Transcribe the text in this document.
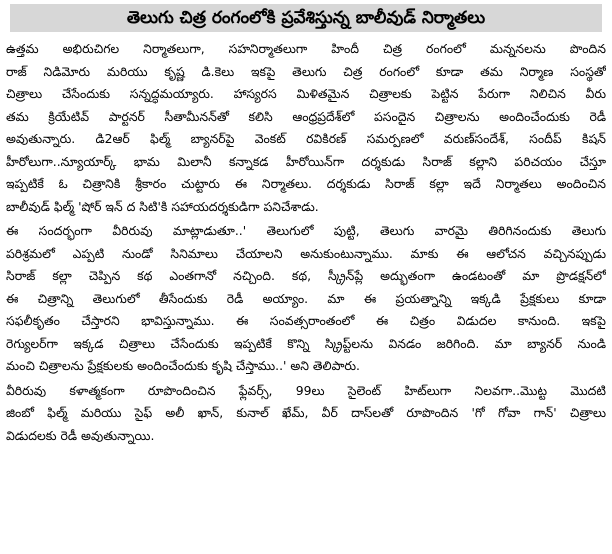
తెలుగు చిత్ర రంగంలోకి ప్రవేశిస్తున్న బాలీవుడ్ నిర్మాతలు
ఉత్తమ అభిరుచిగల నిర్మాతలుగా, సహనిర్మాతలుగా హిందీ చిత్ర రంగంలో మన్ననలను పొందిన
రాజ్ నిడిమోరు మరియు కృష్ణ డి.కెలు ఇకపై తెలుగు చిత్ర రంగంలో కూడా తమ నిర్మాణ సంస్థతో
చిత్రాలు చేసేందుకు సన్నద్ధమయ్యారు. హాస్యరస మిళితమైన చిత్రాలకు పెట్టిన పేరుగా నిలిచిన వీరు
తమ క్రియేటివ్ పార్టనర్ సీతామీనన్‌తో కలిసి ఆంధ్రప్రదేశ్‌లో పసందైన చిత్రాలను అందించేందుకు రెడీ
అవుతున్నారు. డి2ఆర్ ఫిల్మ్ బ్యానర్‌పై వెంకట్ రవికిరణ్ సమర్పణలో వరుణ్‌సందేశ్, సందీప్ కిషన్
హీరోలుగా..న్యూయార్క్ భామ మిలానీ కన్నాకడ హీరోయిన్‌గా దర్శకుడు సిరాజ్ కల్లాని పరిచయం చేస్తూ
ఇప్పటికే ఓ చిత్రానికి శ్రీకారం చుట్టారు ఈ నిర్మాతలు. దర్శకుడు సిరాజ్ కల్లా ఇదే నిర్మాతలు అందించిన
బాలీవుడ్ ఫిల్మ్ 'షోర్ ఇన్ ద సిటి'కి సహాయదర్శకుడిగా పనిచేశాడు.
ఈ సందర్భంగా వీరిరువు మాట్లాడుతూ..' తెలుగులో పుట్టి, తెలుగు వారమై తిరిగినందుకు తెలుగు
పరిశ్రమలో ఎప్పటి నుండో సినిమాలు చేయాలని అనుకుంటున్నాము. మాకు ఈ ఆలోచన వచ్చినప్పుడు
సిరాజ్ కల్లా చెప్పిన కథ ఎంతగానో నచ్చింది. కథ, స్క్రీన్‌ప్లే అద్భుతంగా ఉండటంతో మా ప్రొడక్షన్‌లో
ఈ చిత్రాన్ని తెలుగులో తీసేందుకు రెడీ అయ్యాం. మా ఈ ప్రయత్నాన్ని ఇక్కడి ప్రేక్షకులు కూడా
సఫలీకృతం చేస్తారని భావిస్తున్నాము. ఈ సంవత్సరాంతంలో ఈ చిత్రం విడుదల కానుంది. ఇకపై
రెగ్యులర్‌గా ఇక్కడ చిత్రాలు చేసేందుకు ఇప్పటికే కొన్ని స్క్రిప్ట్‌లను వినడం జరిగింది. మా బ్యానర్ నుండి
మంచి చిత్రాలను ప్రేక్షకులకు అందించేందుకు కృషి చేస్తాము..' అని తెలిపారు.
వీరిరువు కళాత్మకంగా రూపొందించిన ఫ్లేవర్స్, 99లు సైలెంట్ హిట్‌లుగా నిలవగా..మొట్ట మొదటి
జింబో ఫిల్మ్ మరియు సైఫ్ అలీ ఖాన్, కునాల్ ఖేమ్, వీర్ దాస్‌లతో రూపొందిన 'గో గోవా గాన్' చిత్రాలు
విడుదలకు రెడీ అవుతున్నాయి.
